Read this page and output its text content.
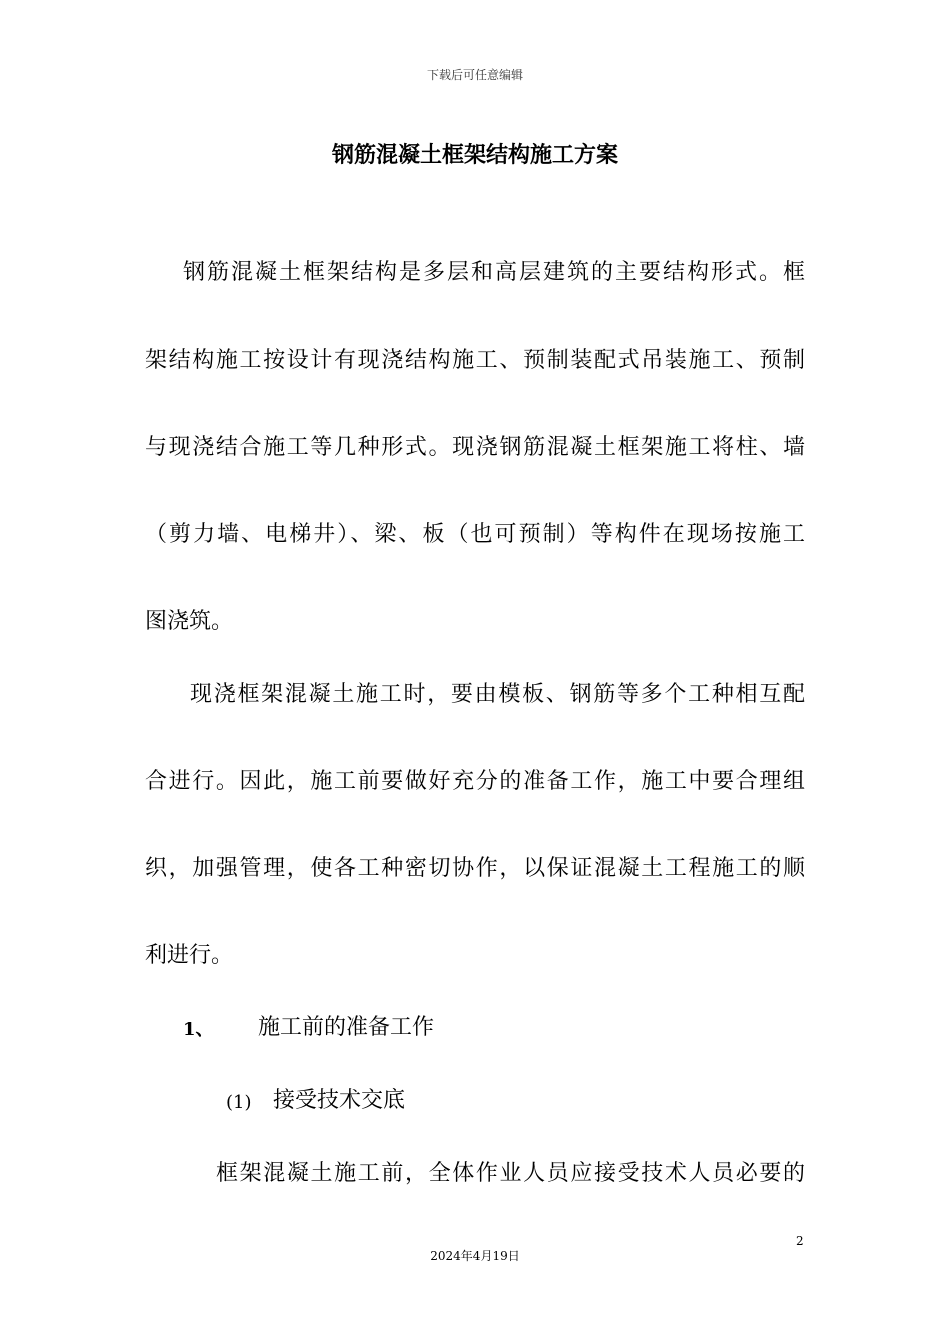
下载后可任意编辑
钢筋混凝土框架结构施工方案
钢筋混凝土框架结构是多层和高层建筑的主要结构形式。框
架结构施工按设计有现浇结构施工、预制装配式吊装施工、预制
与现浇结合施工等几种形式。现浇钢筋混凝土框架施工将柱、墙
（剪力墙、电梯井）、梁、板（也可预制）等构件在现场按施工
图浇筑。
现浇框架混凝土施工时，要由模板、钢筋等多个工种相互配
合进行。因此，施工前要做好充分的准备工作，施工中要合理组
织，加强管理，使各工种密切协作，以保证混凝土工程施工的顺
利进行。
1、 施工前的准备工作
(1) 接受技术交底
框架混凝土施工前，全体作业人员应接受技术人员必要的
2
2024年4月19日
